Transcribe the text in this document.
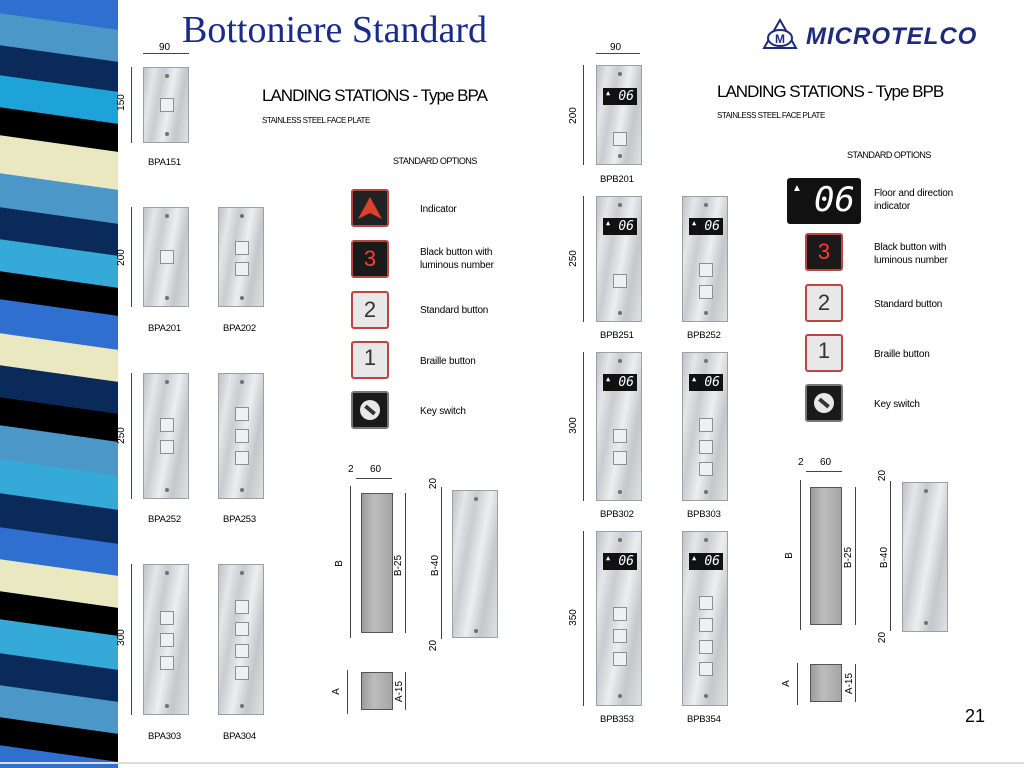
Bottoniere Standard	M MICROTELCO
90
150
BPA151
200
BPA201	BPA202
250
BPA252	BPA253
300
BPA303	BPA304
LANDING STATIONS - Type BPA
STAINLESS STEEL FACE PLATE
STANDARD OPTIONS
Indicator
3	Black button with luminous number
2	Standard button
1	Braille button
Key switch
2 60
B	B-25	B-40
20
20
A	A-15
90
200
▲ 06
BPB201
250
▲ 06	▲ 06
BPB251	BPB252
300
▲ 06	▲ 06
BPB302	BPB303
350
▲ 06	▲ 06
BPB353	BPB354
LANDING STATIONS - Type BPB
STAINLESS STEEL FACE PLATE
STANDARD OPTIONS
▲ 06 Floor and direction indicator
3	Black button with luminous number
2	Standard button
1	Braille button
Key switch
2 60
B	B-25	B-40
20
20
A	A-15
21
